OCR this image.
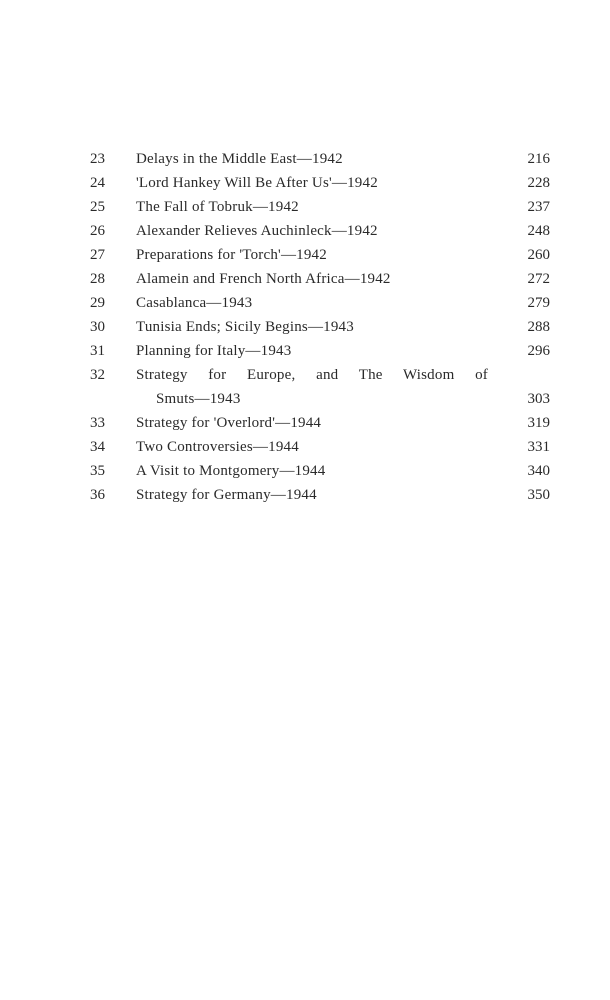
23	Delays in the Middle East—1942	216
24	'Lord Hankey Will Be After Us'—1942	228
25	The Fall of Tobruk—1942	237
26	Alexander Relieves Auchinleck—1942	248
27	Preparations for 'Torch'—1942	260
28	Alamein and French North Africa—1942	272
29	Casablanca—1943	279
30	Tunisia Ends; Sicily Begins—1943	288
31	Planning for Italy—1943	296
32	Strategy for Europe, and The Wisdom of
Smuts—1943	303
33	Strategy for 'Overlord'—1944	319
34	Two Controversies—1944	331
35	A Visit to Montgomery—1944	340
36	Strategy for Germany—1944	350
